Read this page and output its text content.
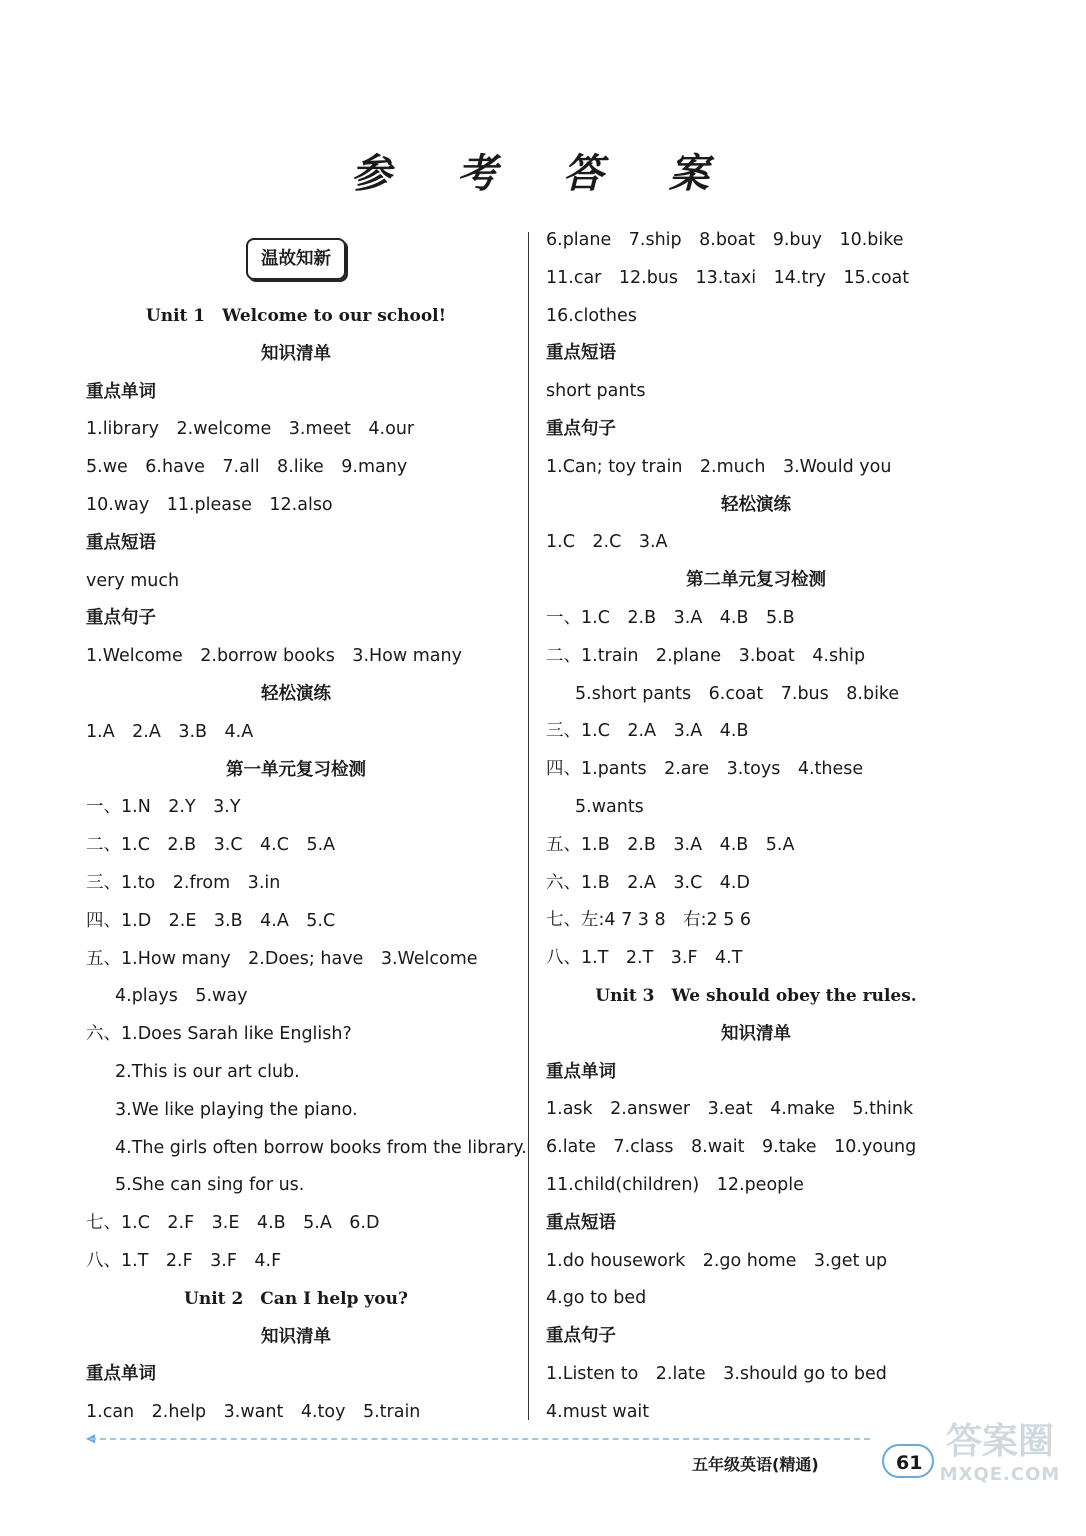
参 考 答 案
温故知新
Unit 1　Welcome to our school!
知识清单
重点单词
1.library　2.welcome　3.meet　4.our
5.we　6.have　7.all　8.like　9.many
10.way　11.please　12.also
重点短语
very much
重点句子
1.Welcome　2.borrow books　3.How many
轻松演练
1.A　2.A　3.B　4.A
第一单元复习检测
一、1.N　2.Y　3.Y
二、1.C　2.B　3.C　4.C　5.A
三、1.to　2.from　3.in
四、1.D　2.E　3.B　4.A　5.C
五、1.How many　2.Does; have　3.Welcome
4.plays　5.way
六、1.Does Sarah like English?
2.This is our art club.
3.We like playing the piano.
4.The girls often borrow books from the library.
5.She can sing for us.
七、1.C　2.F　3.E　4.B　5.A　6.D
八、1.T　2.F　3.F　4.F
Unit 2　Can I help you?
知识清单
重点单词
1.can　2.help　3.want　4.toy　5.train
6.plane　7.ship　8.boat　9.buy　10.bike
11.car　12.bus　13.taxi　14.try　15.coat
16.clothes
重点短语
short pants
重点句子
1.Can; toy train　2.much　3.Would you
轻松演练
1.C　2.C　3.A
第二单元复习检测
一、1.C　2.B　3.A　4.B　5.B
二、1.train　2.plane　3.boat　4.ship
5.short pants　6.coat　7.bus　8.bike
三、1.C　2.A　3.A　4.B
四、1.pants　2.are　3.toys　4.these
5.wants
五、1.B　2.B　3.A　4.B　5.A
六、1.B　2.A　3.C　4.D
七、左:4 7 3 8　右:2 5 6
八、1.T　2.T　3.F　4.T
Unit 3　We should obey the rules.
知识清单
重点单词
1.ask　2.answer　3.eat　4.make　5.think
6.late　7.class　8.wait　9.take　10.young
11.child(children)　12.people
重点短语
1.do housework　2.go home　3.get up
4.go to bed
重点句子
1.Listen to　2.late　3.should go to bed
4.must wait
◀
五年级英语(精通)	61
答案圈
MXQE.COM
